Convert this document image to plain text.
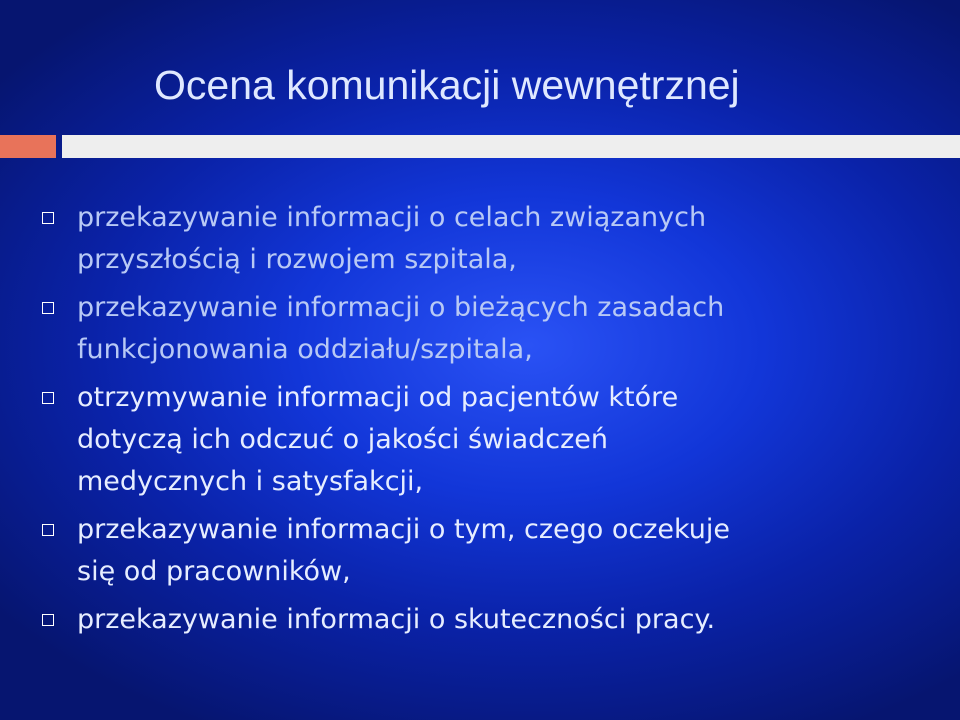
Ocena komunikacji wewnętrznej
przekazywanie informacji o celach związanych
przyszłością i rozwojem szpitala,
przekazywanie informacji o bieżących zasadach
funkcjonowania oddziału/szpitala,
otrzymywanie informacji od pacjentów które
dotyczą ich odczuć o jakości świadczeń
medycznych i satysfakcji,
przekazywanie informacji o tym, czego oczekuje
się od pracowników,
przekazywanie informacji o skuteczności pracy.
